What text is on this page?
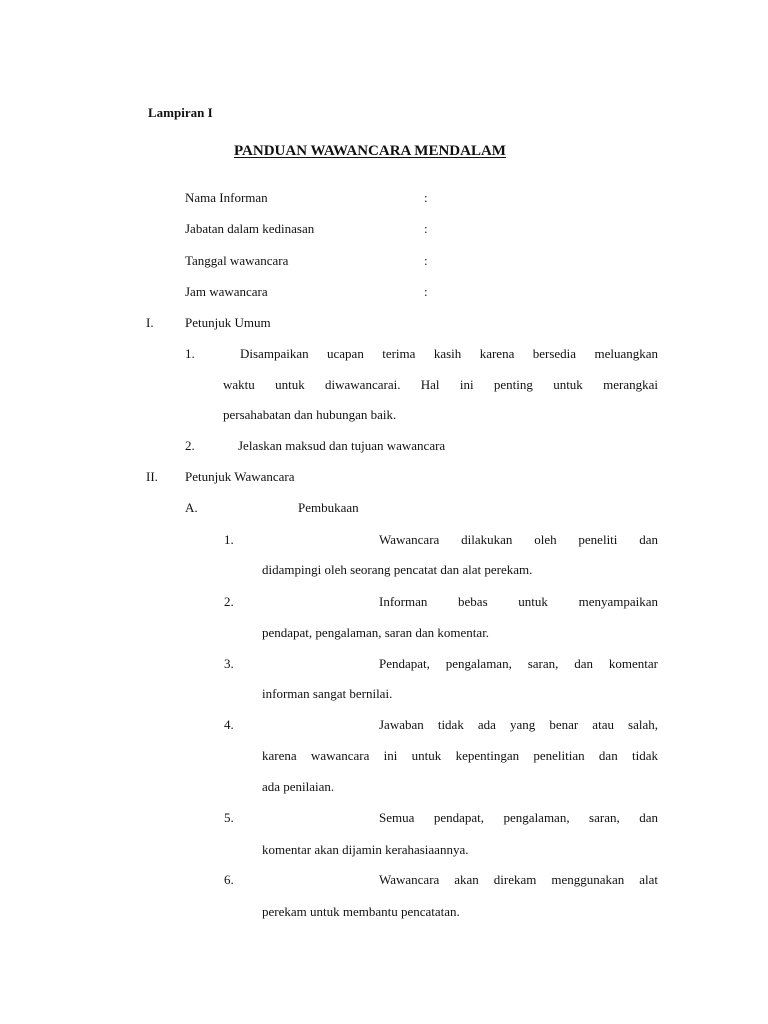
Lampiran I
PANDUAN WAWANCARA MENDALAM
Nama Informan	:
Jabatan dalam kedinasan	:
Tanggal wawancara	:
Jam wawancara	:
I. Petunjuk Umum
1.	Disampaikan ucapan terima kasih karena bersedia meluangkan
waktu untuk diwawancarai. Hal ini penting untuk merangkai
persahabatan dan hubungan baik.
2.	Jelaskan maksud dan tujuan wawancara
II. Petunjuk Wawancara
A.	Pembukaan
1.	Wawancara dilakukan oleh peneliti dan
didampingi oleh seorang pencatat dan alat perekam.
2.	Informan bebas untuk menyampaikan
pendapat, pengalaman, saran dan komentar.
3.	Pendapat, pengalaman, saran, dan komentar
informan sangat bernilai.
4.	Jawaban tidak ada yang benar atau salah,
karena wawancara ini untuk kepentingan penelitian dan tidak
ada penilaian.
5.	Semua pendapat, pengalaman, saran, dan
komentar akan dijamin kerahasiaannya.
6.	Wawancara akan direkam menggunakan alat
perekam untuk membantu pencatatan.
